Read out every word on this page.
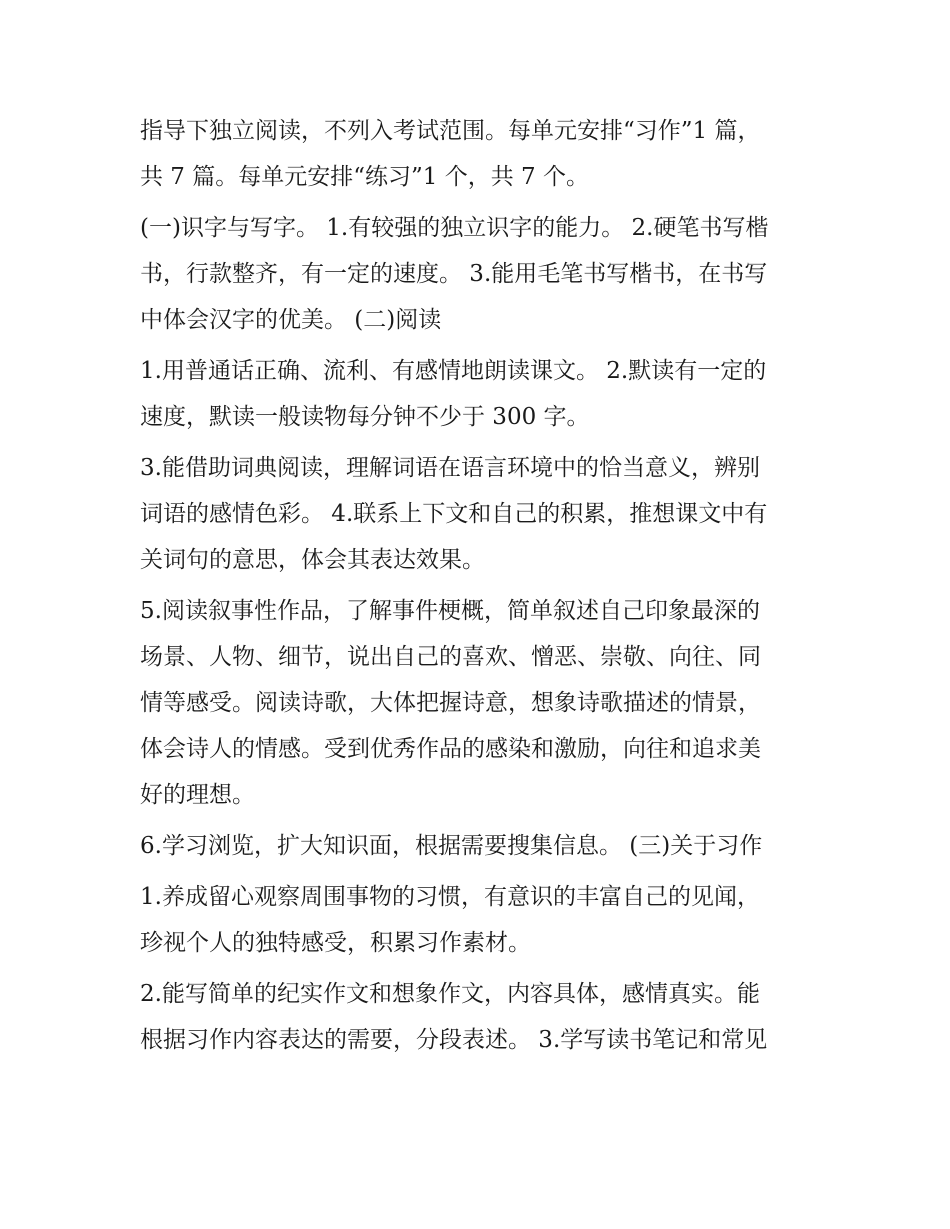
指导下独立阅读，不列入考试范围。每单元安排“习作”1 篇，
共 7 篇。每单元安排“练习”1 个，共 7 个。

(一)识字与写字。 1.有较强的独立识字的能力。 2.硬笔书写楷
书，行款整齐，有一定的速度。 3.能用毛笔书写楷书，在书写
中体会汉字的优美。 (二)阅读

1.用普通话正确、流利、有感情地朗读课文。 2.默读有一定的
速度，默读一般读物每分钟不少于 300 字。

3.能借助词典阅读，理解词语在语言环境中的恰当意义，辨别
词语的感情色彩。 4.联系上下文和自己的积累，推想课文中有
关词句的意思，体会其表达效果。

5.阅读叙事性作品，了解事件梗概，简单叙述自己印象最深的
场景、人物、细节，说出自己的喜欢、憎恶、崇敬、向往、同
情等感受。阅读诗歌，大体把握诗意，想象诗歌描述的情景，
体会诗人的情感。受到优秀作品的感染和激励，向往和追求美
好的理想。

6.学习浏览，扩大知识面，根据需要搜集信息。 (三)关于习作

1.养成留心观察周围事物的习惯，有意识的丰富自己的见闻，
珍视个人的独特感受，积累习作素材。

2.能写简单的纪实作文和想象作文，内容具体，感情真实。能
根据习作内容表达的需要，分段表述。 3.学写读书笔记和常见
